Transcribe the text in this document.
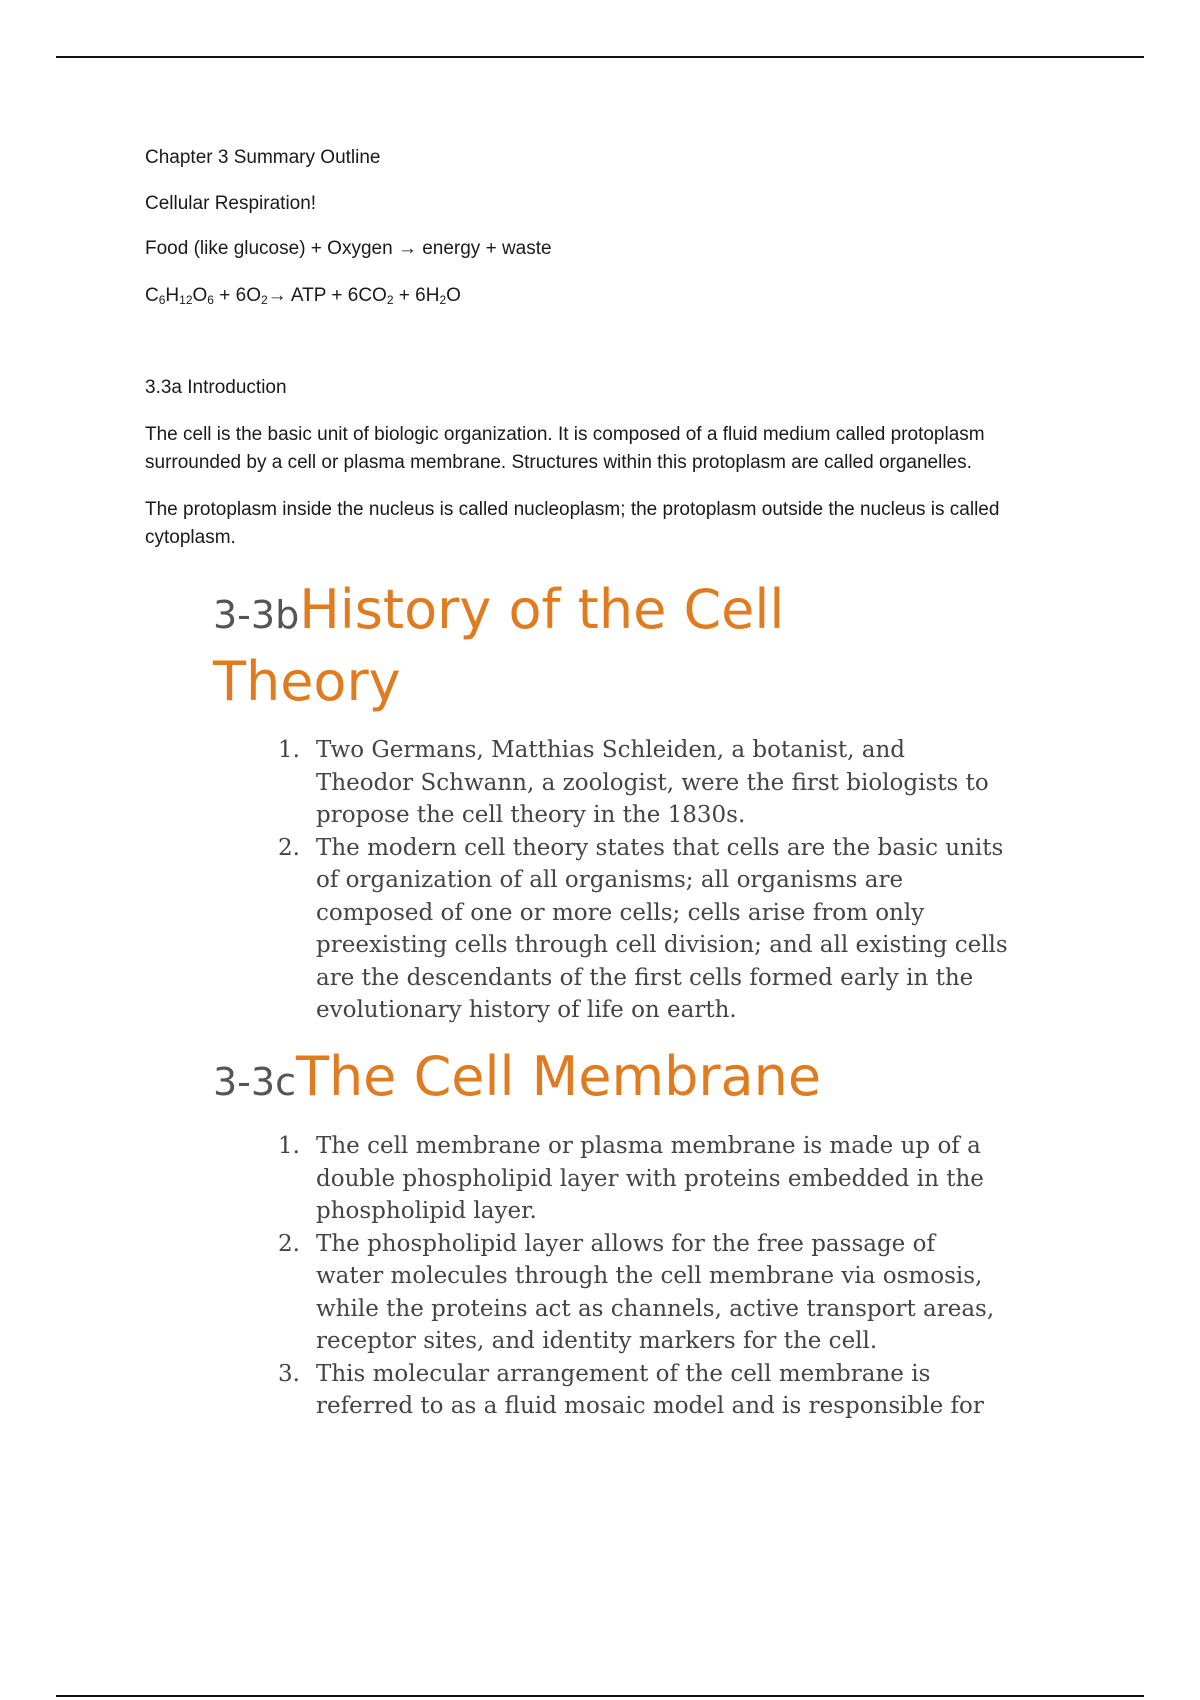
Chapter 3 Summary Outline

Cellular Respiration!

Food (like glucose) + Oxygen → energy + waste

$C_6H_{12}O_6 + 6O_2\to$ ATP + $6CO_2 + 6H_2O$

3.3a Introduction

The cell is the basic unit of biologic organization. It is composed of a fluid medium called protoplasm surrounded by a cell or plasma membrane. Structures within this protoplasm are called organelles.

The protoplasm inside the nucleus is called nucleoplasm; the protoplasm outside the nucleus is called cytoplasm.

3-3bHistory of the Cell
Theory
1. Two Germans, Matthias Schleiden, a botanist, and Theodor Schwann, a zoologist, were the first biologists to propose the cell theory in the 1830s.
2. The modern cell theory states that cells are the basic units of organization of all organisms; all organisms are composed of one or more cells; cells arise from only preexisting cells through cell division; and all existing cells are the descendants of the first cells formed early in the evolutionary history of life on earth.
3-3cThe Cell Membrane
1. The cell membrane or plasma membrane is made up of a double phospholipid layer with proteins embedded in the phospholipid layer.
2. The phospholipid layer allows for the free passage of water molecules through the cell membrane via osmosis, while the proteins act as channels, active transport areas, receptor sites, and identity markers for the cell.
3. This molecular arrangement of the cell membrane is referred to as a fluid mosaic model and is responsible for
